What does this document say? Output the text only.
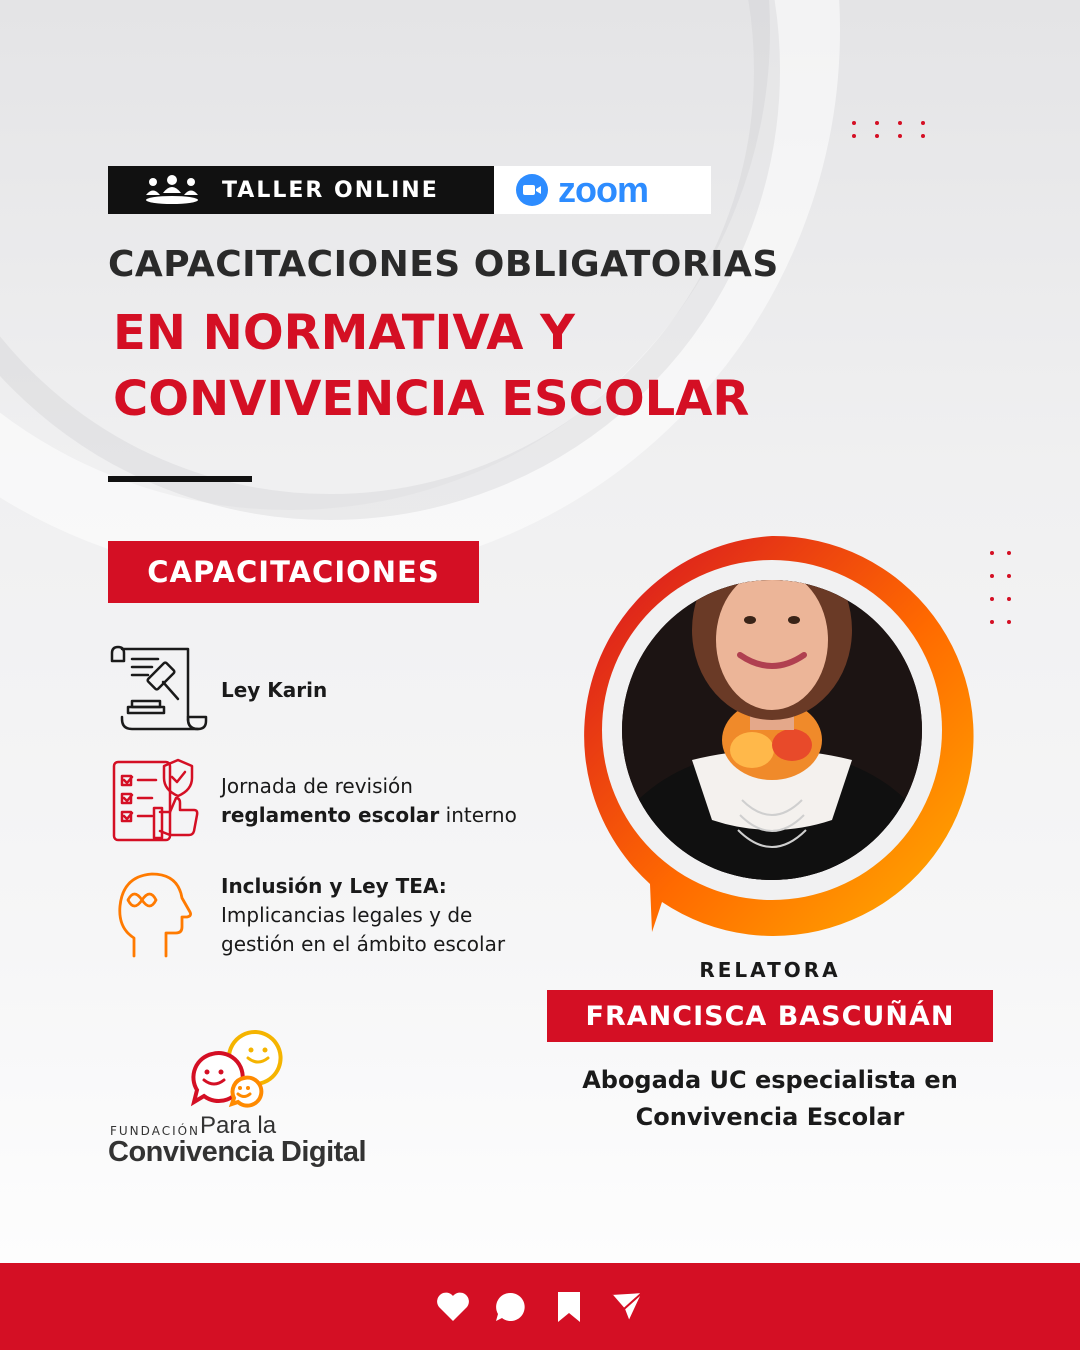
TALLER ONLINE	zoom
CAPACITACIONES OBLIGATORIAS
EN NORMATIVA Y
CONVIVENCIA ESCOLAR
CAPACITACIONES
Ley Karin
Jornada de revisión
reglamento escolar interno
Inclusión y Ley TEA:
Implicancias legales y de
gestión en el ámbito escolar
RELATORA
FRANCISCA BASCUÑÁN
Abogada UC especialista en
Convivencia Escolar
FUNDACIÓN Para la
Convivencia Digital
